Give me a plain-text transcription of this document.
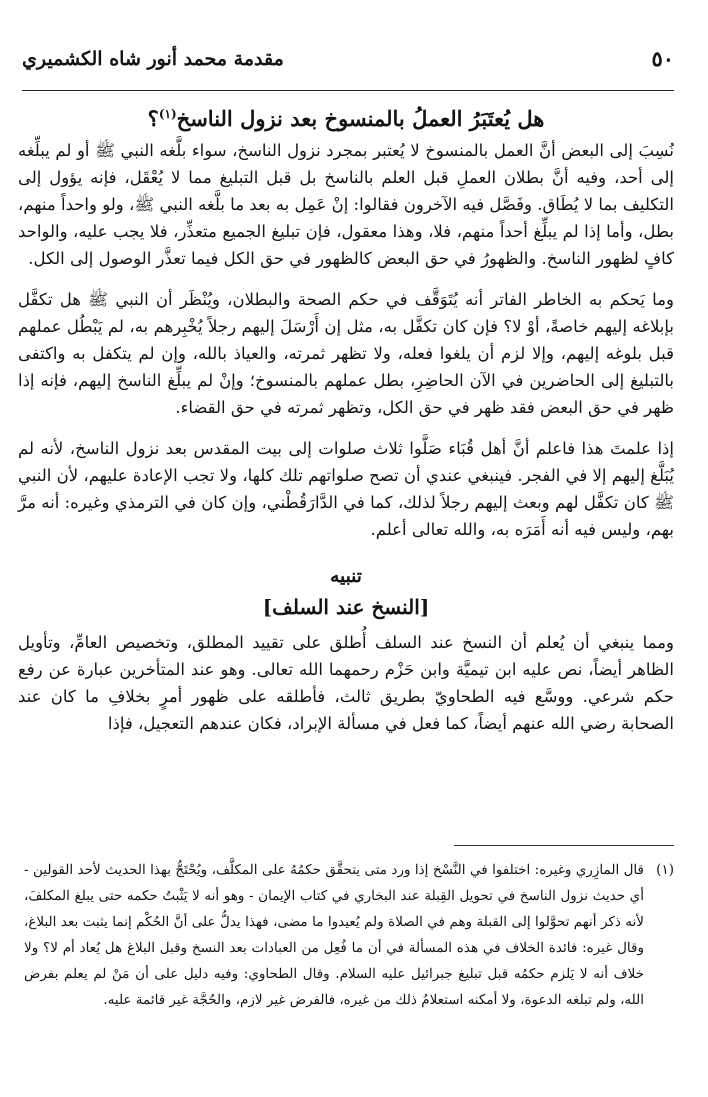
مقدمة محمد أنور شاه الكشميري	٥٠
هل يُعتَبَرُ العملُ بالمنسوخ بعد نزول الناسخ$^{(١)}$؟

نُسِبَ إلى البعض أنَّ العمل بالمنسوخ لا يُعتبر بمجرد نزول الناسخ، سواء بلَّغه النبي ﷺ أو لم يبلِّغه إلى أحد، وفيه أنَّ بطلان العملِ قبل العلم بالناسخ بل قبل التبليغ مما لا يُعْقَل، فإنه يؤول إلى التكليف بما لا يُطَاق. وفَصَّل فيه الآخرون فقالوا: إنْ عَمِل به بعد ما بلَّغه النبي ﷺ، ولو واحداً منهم، بطل، وأما إذا لم يبلِّغ أحداً منهم، فلا، وهذا معقول، فإن تبليغ الجميع متعذِّر، فلا يجب عليه، والواحد كافٍ لظهور الناسخ. والظهورُ في حق البعض كالظهور في حق الكل فيما تعذَّر الوصول إلى الكل.

وما يَحكم به الخاطر الفاتر أنه يُتَوَقَّف في حكم الصحة والبطلان، ويُنْظَر أن النبي ﷺ هل تكفَّل بإبلاغه إليهم خاصةً، أوْ لا؟ فإن كان تكفَّل به، مثل إن أَرْسَلَ إليهم رجلاً يُخْبِرهم به، لم يَبْطُل عملهم قبل بلوغه إليهم، وإلا لزم أن يلغوا فعله، ولا تظهر ثمرته، والعياذ بالله، وإن لم يتكفل به واكتفى بالتبليغ إلى الحاضرين في الآن الحاضِرِ، بطل عملهم بالمنسوخ؛ وإنْ لم يبلِّغ الناسخ إليهم، فإنه إذا ظهر في حق البعض فقد ظهر في حق الكل، وتظهر ثمرته في حق القضاء.

إذا علمتَ هذا فاعلم أنَّ أهل قُبَاء صَلَّوا ثلاث صلوات إلى بيت المقدس بعد نزول الناسخ، لأنه لم يُبَلَّغ إليهم إلا في الفجر. فينبغي عندي أن تصح صلواتهم تلك كلها، ولا تجب الإعادة عليهم، لأن النبي ﷺ كان تكفَّل لهم وبعث إليهم رجلاً لذلك، كما في الدَّارَقُطْني، وإن كان في الترمذي وغيره: أنه مرَّ بهم، وليس فيه أنه أَمَرَه به، والله تعالى أعلم.

تنبيه
[النسخ عند السلف]

ومما ينبغي أن يُعلم أن النسخ عند السلف أُطلق على تقييد المطلق، وتخصيص العامِّ، وتأويل الظاهر أيضاً، نص عليه ابن تيميَّة وابن حَزْم رحمهما الله تعالى. وهو عند المتأخرين عبارة عن رفع حكم شرعي. ووسَّع فيه الطحاويّ بطريق ثالث، فأطلقه على ظهور أمرٍ بخلافِ ما كان عند الصحابة رضي الله عنهم أيضاً، كما فعل في مسألة الإبراد، فكان عندهم التعجيل، فإذا

(١)

قال المازِري وغيره: اختلفوا في النَّسْخ إذا ورد متى يتحقَّق حكمُهُ على المكلَّف، ويُحْتَجُّ بهذا الحديث لأحد القولين - أي حديث نزول الناسخ في تحويل القِبلة عند البخاري في كتاب الإيمان - وهو أنه لا يَثْبتُ حكمه حتى يبلغ المكلفَ، لأنه ذكر أنهم تحوَّلوا إلى القبلة وهم في الصلاة ولم يُعيدوا ما مضى، فهذا يدلُّ على أنَّ الحُكْم إنما يثبت بعد البلاغ، وقال غيره: فائدة الخلاف في هذه المسألة في أن ما فُعِل من العبادات بعد النسخ وقبل البلاغ هل يُعاد أم لا؟ ولا خلاف أنه لا يَلزم حكمُه قبل تبليغ جبرائيل عليه السلام. وقال الطحاوي: وفيه دليل على أن مَنْ لم يعلم بفرض الله، ولم تبلغه الدعوة، ولا أمكنه استعلامُ ذلك من غيره، فالفرض غير لازم، والحُجَّة غير قائمة عليه.
